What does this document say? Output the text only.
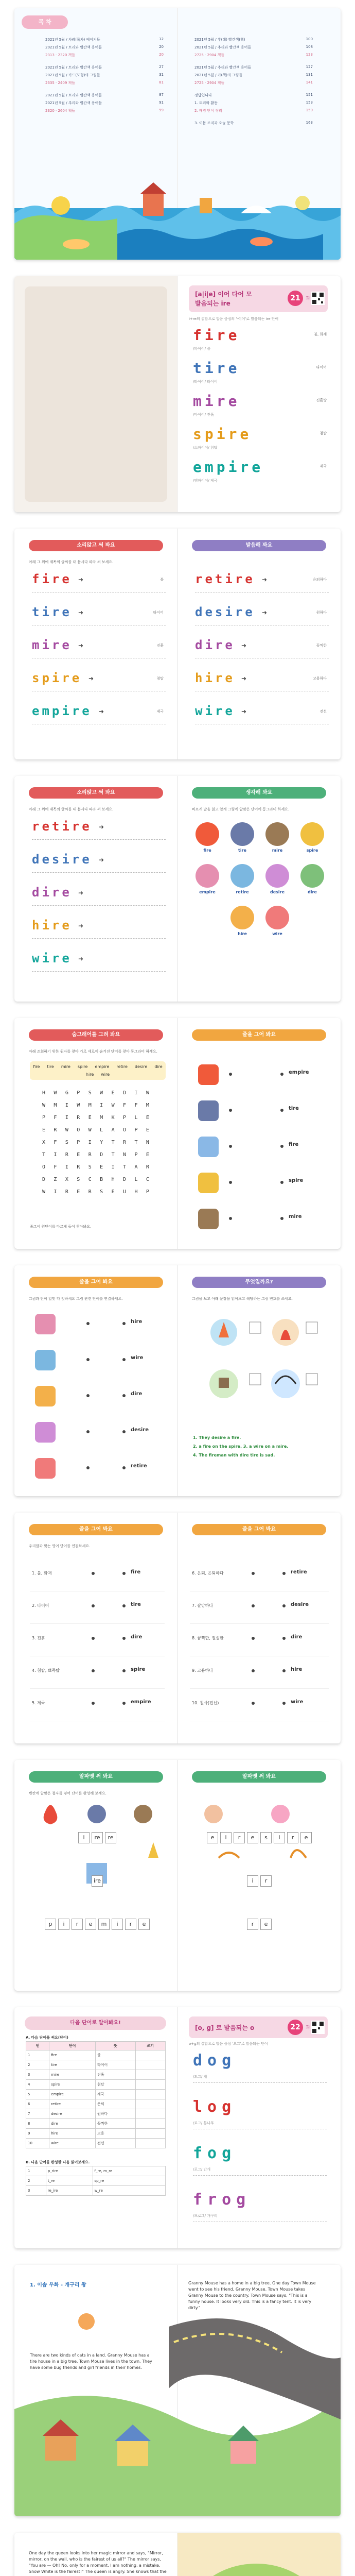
목 차
2021년 5월 / 차례(목차) 페이지들	12
2021년 5월 / 트리와 빨간색 용어들	20
2313 · 2320 책들	20
2021년 5월 / 트리와 빨간색 용어들	27
2021년 5월 / 카드(도형)의 그림들	31
2335 · 2409 책들	81
2021년 5월 / 트리와 빨간색 용어들	87
2021년 5월 / 추리와 빨간색 용어들	91
2320 · 2604 책들	99
2021년 5월 / 후(해) 빨간색(책)	100
2021년 5월 / 추리와 빨간색 용어들	108
2725 · 2904 책들	123
2021년 5월 / 추리와 빨간색 용어들	127
2021년 5월 / 가(책)의 그림들	131
2725 · 2904 책들	141
정답입니다	151
1. 트리와 활동	153
2. 배경 단어 정리	159
3. 이봅 조직과 오늘 문학	163
[a|i|e] 이어 다어 모
발음되는 ire
21	과
i+re의 결합으로 발음 중심의 '-이어'로 발음되는 ire 단어
fire
/파이어/ 불
불, 화재
tire
/타이어/ 타이어
타이어
mire
/마이어/ 진흙
진흙탕
spire
/스파이어/ 첨탑
첨탑
empire
/엠파이어/ 제국
제국
소리앉고 써 봐요
아래 그 위에 제목의 글씨를 대 봅시다 따라 써 보세요.
fire	➜	불
tire	➜	타이어
mire	➜	진흙
spire	➜	첨탑
empire	➜	제국
발음해 봐요
retire	➜	은퇴하다
desire	➜	원하다
dire	➜	끔찍한
hire	➜	고용하다
wire	➜	전선
소리앉고 써 봐요
아래 그 위에 제목의 글씨를 대 봅시다 따라 써 보세요.
retire	➜
desire	➜
dire	➜
hire	➜
wire	➜
생각해 봐요
바르게 발음 읽고 알게 그림에 알맞은 단어에 동그라미 하세요.
fire	tire	mire	spire
empire	retire	desire	dire
hire	wire
숨그래어를 그려 봐요
아래 조회하기 위한 원자를 찾아 가로 세로에 숨겨진 단어를 찾아 동그라미 하세요.
fire tire mire spire empire retire desire dire
hire wire
H	W	G	P	S	W	E	D	I	W
W	M	I	W	M	I	W	F	F	M
P	F	I	R	E	M	K	P	L	E
E	R	W	O	W	L	A	O	P	E
X	F	S	P	I	Y	T	R	T	N
T	I	R	E	R	D	T	N	P	E
O	F	I	R	S	E	I	T	A	R
D	Z	X	S	C	B	H	D	L	C
W	I	R	E	R	S	E	U	H	P
줄그어 원단어를 다르게 들어 찾아봐요.
줄을 그어 봐요
empire
tire
fire
spire
mire
줄을 그어 봐요
그림과 단어 알맞 다 잇하세요 그림 관련 단어를 연결하세요.
hire
wire
dire
desire
retire
무엇일까요?
그림을 보고 아래 문장을 읽어보고 해당하는 그림 번호를 쓰세요.
1. They desire a fire.
2. a fire on the spire. 3. a wire on a mire.
4. The fireman with dire tire is sad.
줄을 그어 봐요
우리말과 맞는 영어 단어를 연결하세요.
1. 불, 화재	fire
2. 타이어	tire
3. 진흙	dire
4. 첨탑, 뾰족탑	spire
5. 제국	empire
줄을 그어 봐요
6. 은퇴, 은퇴하다	retire
7. 갈망하다	desire
8. 끔찍한, 절실한	dire
9. 고용하다	hire
10. 철사(전선)	wire
알파벳 써 봐요
빈칸에 알맞은 철자를 넣어 단어를 완성해 보세요.
i	re	re
ire
p	i	r	e	m	i	r	e
알파벳 써 봐요
e	i	r	e	s	i	r	e
i	r
r	e
다음 단어로 알아봐요!
A. 다음 단어를 써요(단어)
번	단어	뜻	쓰기
1	fire	불	
2	tire	타이어	
3	mire	진흙	
4	spire	첨탑	
5	empire	제국	
6	retire	은퇴	
7	desire	원하다	
8	dire	끔찍한	
9	hire	고용	
10	wire	전선	
B. 다음 단어를 완성한 다음 읽어보세요.
1	p_rire	f_re, m_re
2	t_re	sp_re
3	re_ire	w_re
[o, g] 로 발음되는 o	22	과
o+g의 결합으로 발음 중심 '오그'로 발음되는 단어
dog
/도그/ 개
log
/로그/ 통나무
fog
/포그/ 안개
frog
/프로그/ 개구리
1. 이솝 우화 - 개구리 왕
There are two kinds of cats in a land. Granny Mouse has a tire house in a big tree. Town Mouse lives in the town. They have some bug friends and girl friends in their homes.
Granny Mouse has a home in a big tree. One day Town Mouse went to see his friend, Granny Mouse. Town Mouse takes Granny Mouse to the country. Town Mouse says, "This is a funny house. It looks very old. This is a fancy tent. It is very dirty."
One day the queen looks into her magic mirror and says, "Mirror, mirror, on the wall, who is the fairest of us all?" The mirror says, "You are — Oh! No, only for a moment. I am nothing, a mistake. Snow White is the fairest!" The queen is angry. She knows that the
